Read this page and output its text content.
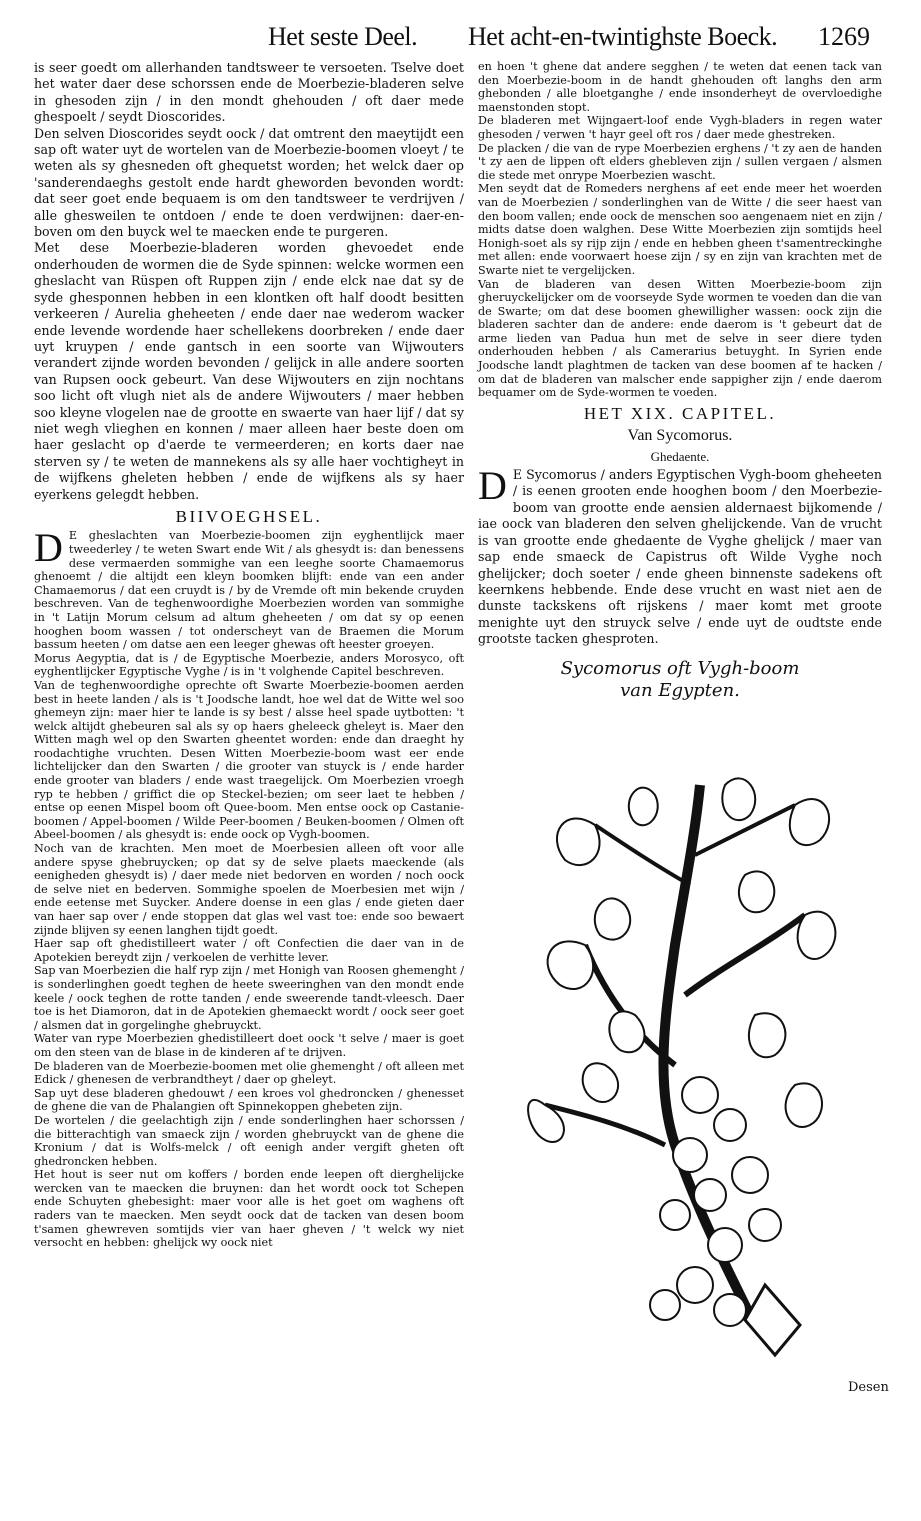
Het seste Deel. Het acht-en-twintighste Boeck. 1269

is seer goedt om allerhanden tandtsweer te versoeten. Tselve doet het water daer dese schorssen ende de Moerbezie-bladeren selve in ghesoden zijn / in den mondt ghehouden / oft daer mede ghespoelt / seydt Dioscorides.

Den selven Dioscorides seydt oock / dat omtrent den maeytijdt een sap oft water uyt de wortelen van de Moerbezie-boomen vloeyt / te weten als sy ghesneden oft ghequetst worden; het welck daer op 'sanderendaeghs gestolt ende hardt gheworden bevonden wordt: dat seer goet ende bequaem is om den tandtsweer te verdrijven / alle ghesweilen te ontdoen / ende te doen verdwijnen: daer-en-boven om den buyck wel te maecken ende te purgeren.

Met dese Moerbezie-bladeren worden ghevoedet ende onderhouden de wormen die de Syde spinnen: welcke wormen een gheslacht van Rüspen oft Ruppen zijn / ende elck nae dat sy de syde ghesponnen hebben in een klontken oft half doodt besitten verkeeren / Aurelia gheheeten / ende daer nae wederom wacker ende levende wordende haer schellekens doorbreken / ende daer uyt kruypen / ende gantsch in een soorte van Wijwouters verandert zijnde worden bevonden / gelijck in alle andere soorten van Rupsen oock gebeurt. Van dese Wijwouters en zijn nochtans soo licht oft vlugh niet als de andere Wijwouters / maer hebben soo kleyne vlogelen nae de grootte en swaerte van haer lijf / dat sy niet wegh vlieghen en konnen / maer alleen haer beste doen om haer geslacht op d'aerde te vermeerderen; en korts daer nae sterven sy / te weten de mannekens als sy alle haer vochtigheyt in de wijfkens gheleten hebben / ende de wijfkens als sy haer eyerkens gelegdt hebben.

BIIVOEGHSEL.

D E gheslachten van Moerbezie-boomen zijn eyghentlijck maer tweederley / te weten Swart ende Wit / als ghesydt is: dan benessens dese vermaerden sommighe van een leeghe soorte Chamaemorus ghenoemt / die altijdt een kleyn boomken blijft: ende van een ander Chamaemorus / dat een cruydt is / by de Vremde oft min bekende cruyden beschreven. Van de teghenwoordighe Moerbezien worden van sommighe in 't Latijn Morum celsum ad altum gheheeten / om dat sy op eenen hooghen boom wassen / tot onderscheyt van de Braemen die Morum bassum heeten / om datse aen een leeger ghewas oft heester groeyen.

Morus Aegyptia, dat is / de Egyptische Moerbezie, anders Morosyco, oft eyghentlijcker Egyptische Vyghe / is in 't volghende Capitel beschreven.

Van de teghenwoordighe oprechte oft Swarte Moerbezie-boomen aerden best in heete landen / als is 't Joodsche landt, hoe wel dat de Witte wel soo ghemeyn zijn: maer hier te lande is sy best / alsse heel spade uytbotten: 't welck altijdt ghebeuren sal als sy op haers gheleeck gheleyt is. Maer den Witten magh wel op den Swarten gheentet worden: ende dan draeght hy roodachtighe vruchten. Desen Witten Moerbezie-boom wast eer ende lichtelijcker dan den Swarten / die grooter van stuyck is / ende harder ende grooter van bladers / ende wast traegelijck. Om Moerbezien vroegh ryp te hebben / griffict die op Steckel-bezien; om seer laet te hebben / entse op eenen Mispel boom oft Quee-boom. Men entse oock op Castanie-boomen / Appel-boomen / Wilde Peer-boomen / Beuken-boomen / Olmen oft Abeel-boomen / als ghesydt is: ende oock op Vygh-boomen.

Noch van de krachten. Men moet de Moerbesien alleen oft voor alle andere spyse ghebruycken; op dat sy de selve plaets maeckende (als eenigheden ghesydt is) / daer mede niet bedorven en worden / noch oock de selve niet en bederven. Sommighe spoelen de Moerbesien met wijn / ende eetense met Suycker. Andere doense in een glas / ende gieten daer van haer sap over / ende stoppen dat glas wel vast toe: ende soo bewaert zijnde blijven sy eenen langhen tijdt goedt.

Haer sap oft ghedistilleert water / oft Confectien die daer van in de Apotekien bereydt zijn / verkoelen de verhitte lever.

Sap van Moerbezien die half ryp zijn / met Honigh van Roosen ghemenght / is sonderlinghen goedt teghen de heete sweeringhen van den mondt ende keele / oock teghen de rotte tanden / ende sweerende tandt-vleesch. Daer toe is het Diamoron, dat in de Apotekien ghemaeckt wordt / oock seer goet / alsmen dat in gorgelinghe ghebruyckt.

Water van rype Moerbezien ghedistilleert doet oock 't selve / maer is goet om den steen van de blase in de kinderen af te drijven.

De bladeren van de Moerbezie-boomen met olie ghemenght / oft alleen met Edick / ghenesen de verbrandtheyt / daer op gheleyt.

Sap uyt dese bladeren ghedouwt / een kroes vol ghedroncken / ghenesset de ghene die van de Phalangien oft Spinnekoppen ghebeten zijn.

De wortelen / die geelachtigh zijn / ende sonderlinghen haer schorssen / die bitterachtigh van smaeck zijn / worden ghebruyckt van de ghene die Kronium / dat is Wolfs-melck / oft eenigh ander vergift gheten oft ghedroncken hebben.

Het hout is seer nut om koffers / borden ende leepen oft dierghelijcke wercken van te maecken die bruynen: dan het wordt oock tot Schepen ende Schuyten ghebesight: maer voor alle is het goet om waghens oft raders van te maecken. Men seydt oock dat de tacken van desen boom t'samen ghewreven somtijds vier van haer gheven / 't welck wy niet versocht en hebben: ghelijck wy oock niet

en hoen 't ghene dat andere segghen / te weten dat eenen tack van den Moerbezie-boom in de handt ghehouden oft langhs den arm ghebonden / alle bloetganghe / ende insonderheyt de overvloedighe maenstonden stopt.

De bladeren met Wijngaert-loof ende Vygh-bladers in regen water ghesoden / verwen 't hayr geel oft ros / daer mede ghestreken.

De placken / die van de rype Moerbezien erghens / 't zy aen de handen 't zy aen de lippen oft elders ghebleven zijn / sullen vergaen / alsmen die stede met onrype Moerbezien wascht.

Men seydt dat de Romeders nerghens af eet ende meer het woerden van de Moerbezien / sonderlinghen van de Witte / die seer haest van den boom vallen; ende oock de menschen soo aengenaem niet en zijn / midts datse doen walghen. Dese Witte Moerbezien zijn somtijds heel Honigh-soet als sy rijp zijn / ende en hebben gheen t'samentreckinghe met allen: ende voorwaert hoese zijn / sy en zijn van krachten met de Swarte niet te vergelijcken.

Van de bladeren van desen Witten Moerbezie-boom zijn gheruyckelijcker om de voorseyde Syde wormen te voeden dan die van de Swarte; om dat dese boomen ghewilligher wassen: oock zijn die bladeren sachter dan de andere: ende daerom is 't gebeurt dat de arme lieden van Padua hun met de selve in seer diere tyden onderhouden hebben / als Camerarius betuyght. In Syrien ende Joodsche landt plaghtmen de tacken van dese boomen af te hacken / om dat de bladeren van malscher ende sappigher zijn / ende daerom bequamer om de Syde-wormen te voeden.

HET XIX. CAPITEL.
Van Sycomorus.
Ghedaente.

D E Sycomorus / anders Egyptischen Vygh-boom gheheeten / is eenen grooten ende hooghen boom / den Moerbezie-boom van grootte ende aensien aldernaest bijkomende / iae oock van bladeren den selven ghelijckende. Van de vrucht is van grootte ende ghedaente de Vyghe ghelijck / maer van sap ende smaeck de Capistrus oft Wilde Vyghe noch ghelijcker; doch soeter / ende gheen binnenste sadekens oft keernkens hebbende. Ende dese vrucht en wast niet aen de dunste tackskens oft rijskens / maer komt met groote menighte uyt den struyck selve / ende uyt de oudtste ende grootste tacken ghesproten.

Sycomorus oft Vygh-boom
van Egypten.
Desen
